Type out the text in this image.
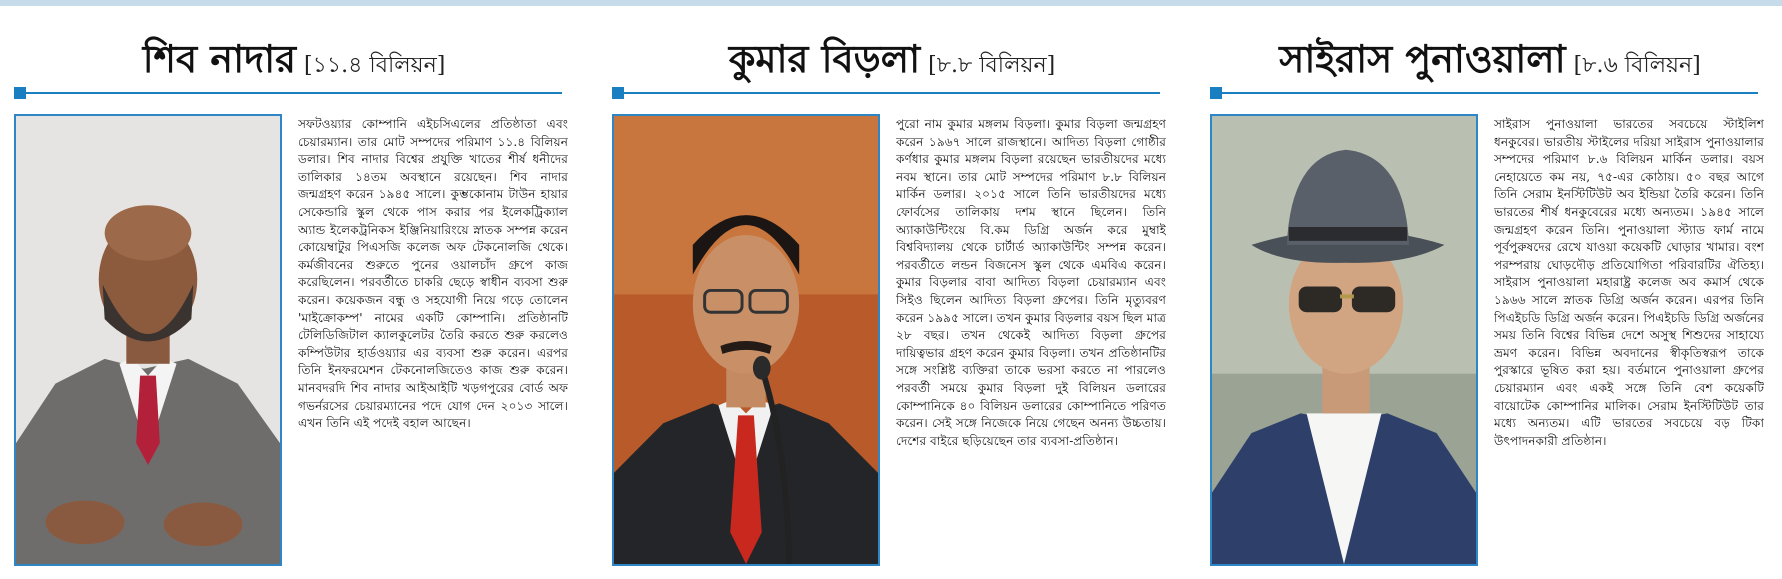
শিব নাদার [১১.৪ বিলিয়ন]
সফটওয়্যার কোম্পানি এইচসিএলের প্রতিষ্ঠাতা এবং চেয়ারম্যান। তার মোট সম্পদের পরিমাণ ১১.৪ বিলিয়ন ডলার। শিব নাদার বিশ্বের প্রযুক্তি খাতের শীর্ষ ধনীদের তালিকার ১৪তম অবস্থানে রয়েছেন। শিব নাদার জন্মগ্রহণ করেন ১৯৪৫ সালে। কুম্ভকোনাম টাউন হায়ার সেকেন্ডারি স্কুল থেকে পাস করার পর ইলেকট্রিক্যাল অ্যান্ড ইলেকট্রনিকস ইঞ্জিনিয়ারিংয়ে স্নাতক সম্পন্ন করেন কোয়েম্বাটুর পিএসজি কলেজ অফ টেকনোলজি থেকে। কর্মজীবনের শুরুতে পুনের ওয়ালচাঁদ গ্রুপে কাজ করেছিলেন। পরবর্তীতে চাকরি ছেড়ে স্বাধীন ব্যবসা শুরু করেন। কয়েকজন বন্ধু ও সহযোগী নিয়ে গড়ে তোলেন 'মাইক্রোকম্প' নামের একটি কোম্পানি। প্রতিষ্ঠানটি টেলিডিজিটাল ক্যালকুলেটর তৈরি করতে শুরু করলেও কম্পিউটার হার্ডওয়্যার এর ব্যবসা শুরু করেন। এরপর তিনি ইনফরমেশন টেকনোলজিতেও কাজ শুরু করেন। মানবদরদি শিব নাদার আইআইটি খড়গপুরের বোর্ড অফ গভর্নরসের চেয়ারম্যানের পদে যোগ দেন ২০১৩ সালে। এখন তিনি এই পদেই বহাল আছেন।
কুমার বিড়লা [৮.৮ বিলিয়ন]
পুরো নাম কুমার মঙ্গলম বিড়লা। কুমার বিড়লা জন্মগ্রহণ করেন ১৯৬৭ সালে রাজস্থানে। আদিত্য বিড়লা গোষ্ঠীর কর্ণধার কুমার মঙ্গলম বিড়লা রয়েছেন ভারতীয়দের মধ্যে নবম স্থানে। তার মোট সম্পদের পরিমাণ ৮.৮ বিলিয়ন মার্কিন ডলার। ২০১৫ সালে তিনি ভারতীয়দের মধ্যে ফোর্বসের তালিকায় দশম স্থানে ছিলেন। তিনি অ্যাকাউন্টিংয়ে বি.কম ডিগ্রি অর্জন করে মুম্বাই বিশ্ববিদ্যালয় থেকে চার্টার্ড অ্যাকাউন্টিং সম্পন্ন করেন। পরবর্তীতে লন্ডন বিজনেস স্কুল থেকে এমবিএ করেন। কুমার বিড়লার বাবা আদিত্য বিড়লা চেয়ারম্যান এবং সিইও ছিলেন আদিত্য বিড়লা গ্রুপের। তিনি মৃত্যুবরণ করেন ১৯৯৫ সালে। তখন কুমার বিড়লার বয়স ছিল মাত্র ২৮ বছর। তখন থেকেই আদিত্য বিড়লা গ্রুপের দায়িত্বভার গ্রহণ করেন কুমার বিড়লা। তখন প্রতিষ্ঠানটির সঙ্গে সংশ্লিষ্ট ব্যক্তিরা তাকে ভরসা করতে না পারলেও পরবর্তী সময়ে কুমার বিড়লা দুই বিলিয়ন ডলারের কোম্পানিকে ৪০ বিলিয়ন ডলারের কোম্পানিতে পরিণত করেন। সেই সঙ্গে নিজেকে নিয়ে গেছেন অনন্য উচ্চতায়। দেশের বাইরে ছড়িয়েছেন তার ব্যবসা-প্রতিষ্ঠান।
সাইরাস পুনাওয়ালা [৮.৬ বিলিয়ন]
সাইরাস পুনাওয়ালা ভারতের সবচেয়ে স্টাইলিশ ধনকুবের। ভারতীয় স্টাইলের দরিয়া সাইরাস পুনাওয়ালার সম্পদের পরিমাণ ৮.৬ বিলিয়ন মার্কিন ডলার। বয়স নেহায়েতে কম নয়, ৭৫-এর কোঠায়। ৫০ বছর আগে তিনি সেরাম ইনস্টিটিউট অব ইন্ডিয়া তৈরি করেন। তিনি ভারতের শীর্ষ ধনকুবেরের মধ্যে অন্যতম। ১৯৪৫ সালে জন্মগ্রহণ করেন তিনি। পুনাওয়ালা স্ট্যাড ফার্ম নামে পূর্বপুরুষদের রেখে যাওয়া কয়েকটি ঘোড়ার খামার। বংশ পরম্পরায় ঘোড়দৌড় প্রতিযোগিতা পরিবারটির ঐতিহ্য। সাইরাস পুনাওয়ালা মহারাষ্ট্র কলেজ অব কমার্স থেকে ১৯৬৬ সালে স্নাতক ডিগ্রি অর্জন করেন। এরপর তিনি পিএইচডি ডিগ্রি অর্জন করেন। পিএইচডি ডিগ্রি অর্জনের সময় তিনি বিশ্বের বিভিন্ন দেশে অসুস্থ শিশুদের সাহায্যে ভ্রমণ করেন। বিভিন্ন অবদানের স্বীকৃতিস্বরূপ তাকে পুরস্কারে ভূষিত করা হয়। বর্তমানে পুনাওয়ালা গ্রুপের চেয়ারম্যান এবং একই সঙ্গে তিনি বেশ কয়েকটি বায়োটেক কোম্পানির মালিক। সেরাম ইনস্টিটিউট তার মধ্যে অন্যতম। এটি ভারতের সবচেয়ে বড় টিকা উৎপাদনকারী প্রতিষ্ঠান।
